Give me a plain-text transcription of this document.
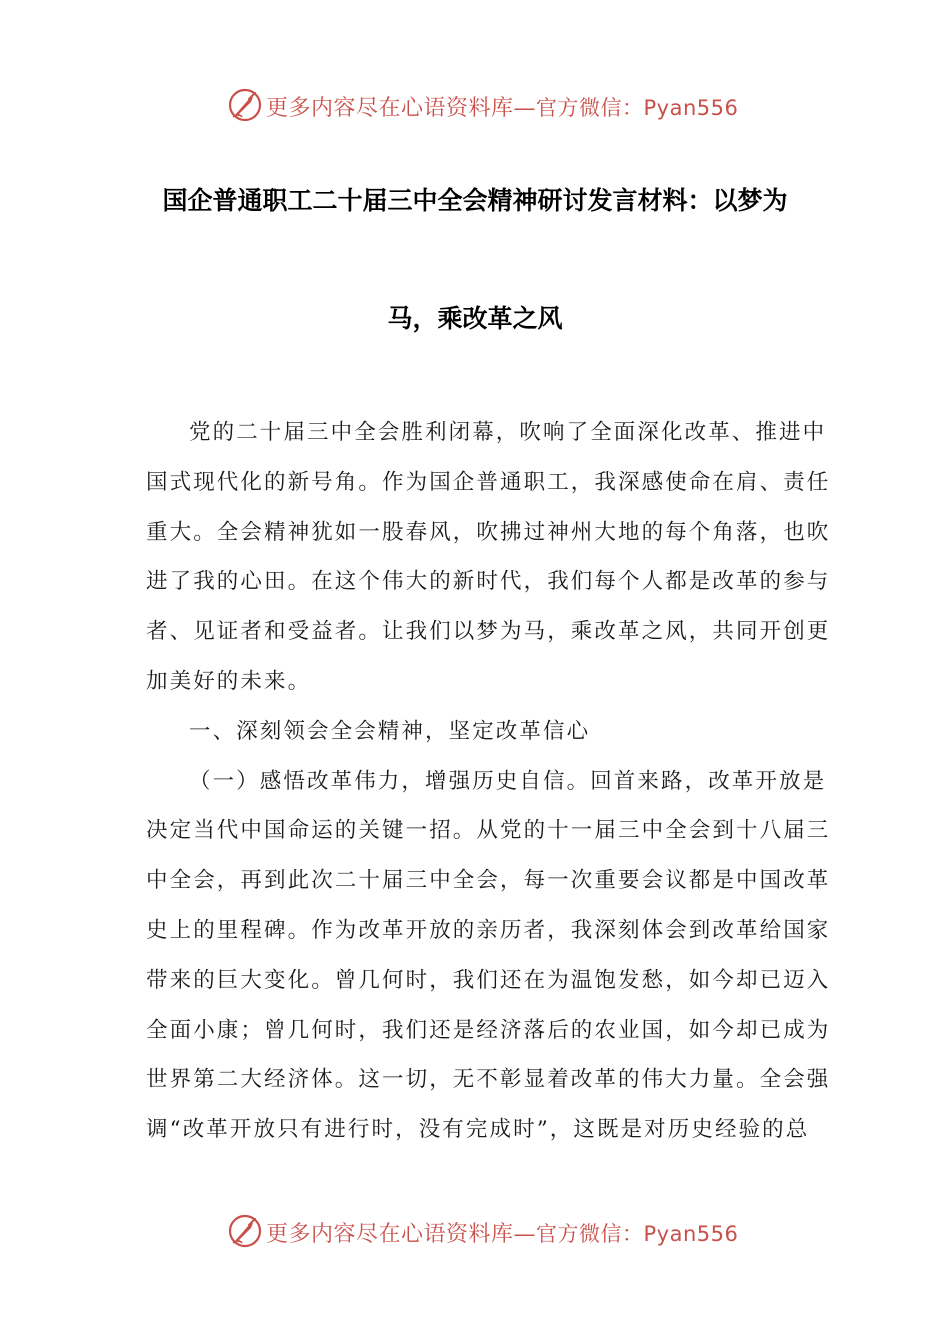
更多内容尽在心语资料库—官方微信：Pyan556
国企普通职工二十届三中全会精神研讨发言材料：以梦为
马，乘改革之风
党的二十届三中全会胜利闭幕，吹响了全面深化改革、推进中
国式现代化的新号角。作为国企普通职工，我深感使命在肩、责任
重大。全会精神犹如一股春风，吹拂过神州大地的每个角落，也吹
进了我的心田。在这个伟大的新时代，我们每个人都是改革的参与
者、见证者和受益者。让我们以梦为马，乘改革之风，共同开创更
加美好的未来。
一、深刻领会全会精神，坚定改革信心
（一）感悟改革伟力，增强历史自信。回首来路，改革开放是
决定当代中国命运的关键一招。从党的十一届三中全会到十八届三
中全会，再到此次二十届三中全会，每一次重要会议都是中国改革
史上的里程碑。作为改革开放的亲历者，我深刻体会到改革给国家
带来的巨大变化。曾几何时，我们还在为温饱发愁，如今却已迈入
全面小康；曾几何时，我们还是经济落后的农业国，如今却已成为
世界第二大经济体。这一切，无不彰显着改革的伟大力量。全会强
调“改革开放只有进行时，没有完成时”，这既是对历史经验的总
更多内容尽在心语资料库—官方微信：Pyan556
